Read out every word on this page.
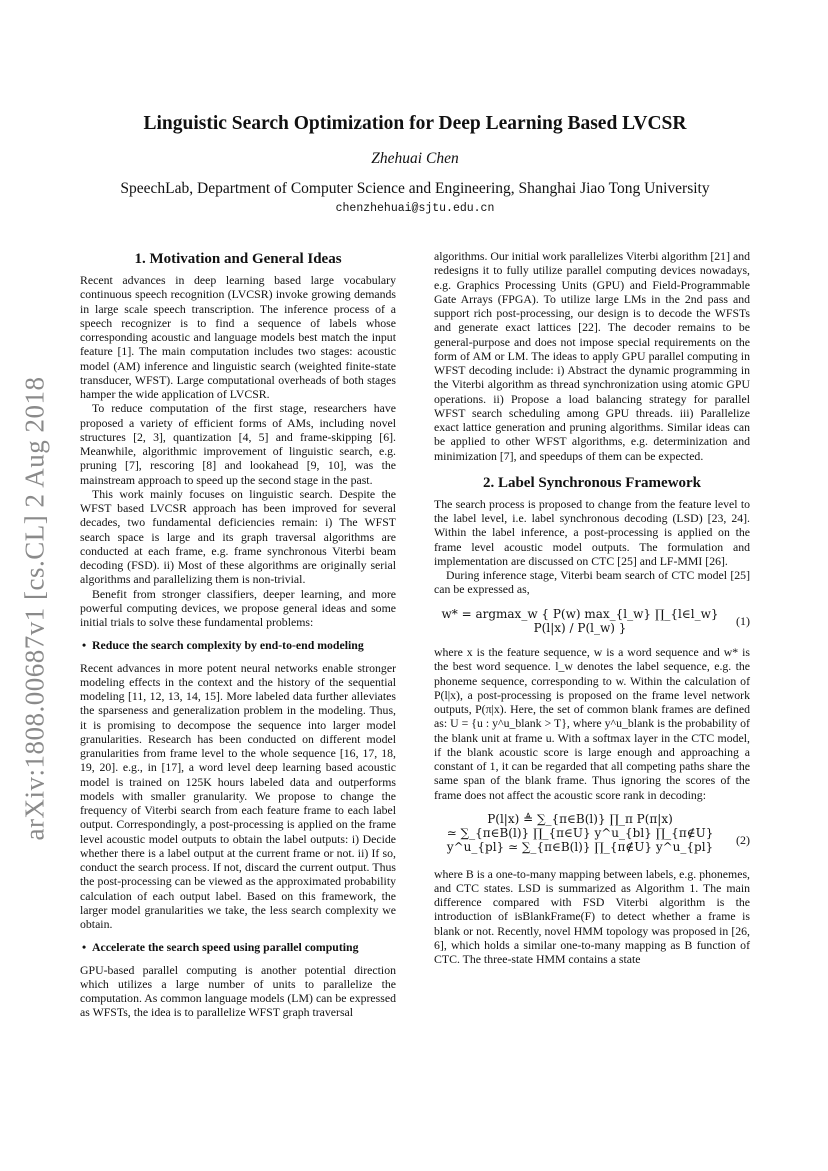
arXiv:1808.00687v1 [cs.CL] 2 Aug 2018
Linguistic Search Optimization for Deep Learning Based LVCSR
Zhehuai Chen
SpeechLab, Department of Computer Science and Engineering, Shanghai Jiao Tong University
chenzhehuai@sjtu.edu.cn
1. Motivation and General Ideas

Recent advances in deep learning based large vocabulary continuous speech recognition (LVCSR) invoke growing demands in large scale speech transcription. The inference process of a speech recognizer is to find a sequence of labels whose corresponding acoustic and language models best match the input feature [1]. The main computation includes two stages: acoustic model (AM) inference and linguistic search (weighted finite-state transducer, WFST). Large computational overheads of both stages hamper the wide application of LVCSR.

To reduce computation of the first stage, researchers have proposed a variety of efficient forms of AMs, including novel structures [2, 3], quantization [4, 5] and frame-skipping [6]. Meanwhile, algorithmic improvement of linguistic search, e.g. pruning [7], rescoring [8] and lookahead [9, 10], was the mainstream approach to speed up the second stage in the past.

This work mainly focuses on linguistic search. Despite the WFST based LVCSR approach has been improved for several decades, two fundamental deficiencies remain: i) The WFST search space is large and its graph traversal algorithms are conducted at each frame, e.g. frame synchronous Viterbi beam decoding (FSD). ii) Most of these algorithms are originally serial algorithms and parallelizing them is non-trivial.

Benefit from stronger classifiers, deeper learning, and more powerful computing devices, we propose general ideas and some initial trials to solve these fundamental problems:

• Reduce the search complexity by end-to-end modeling

Recent advances in more potent neural networks enable stronger modeling effects in the context and the history of the sequential modeling [11, 12, 13, 14, 15]. More labeled data further alleviates the sparseness and generalization problem in the modeling. Thus, it is promising to decompose the sequence into larger model granularities. Research has been conducted on different model granularities from frame level to the whole sequence [16, 17, 18, 19, 20]. e.g., in [17], a word level deep learning based acoustic model is trained on 125K hours labeled data and outperforms models with smaller granularity. We propose to change the frequency of Viterbi search from each feature frame to each label output. Correspondingly, a post-processing is applied on the frame level acoustic model outputs to obtain the label outputs: i) Decide whether there is a label output at the current frame or not. ii) If so, conduct the search process. If not, discard the current output. Thus the post-processing can be viewed as the approximated probability calculation of each output label. Based on this framework, the larger model granularities we take, the less search complexity we obtain.

• Accelerate the search speed using parallel computing

GPU-based parallel computing is another potential direction which utilizes a large number of units to parallelize the computation. As common language models (LM) can be expressed as WFSTs, the idea is to parallelize WFST graph traversal

algorithms. Our initial work parallelizes Viterbi algorithm [21] and redesigns it to fully utilize parallel computing devices nowadays, e.g. Graphics Processing Units (GPU) and Field-Programmable Gate Arrays (FPGA). To utilize large LMs in the 2nd pass and support rich post-processing, our design is to decode the WFSTs and generate exact lattices [22]. The decoder remains to be general-purpose and does not impose special requirements on the form of AM or LM. The ideas to apply GPU parallel computing in WFST decoding include: i) Abstract the dynamic programming in the Viterbi algorithm as thread synchronization using atomic GPU operations. ii) Propose a load balancing strategy for parallel WFST search scheduling among GPU threads. iii) Parallelize exact lattice generation and pruning algorithms. Similar ideas can be applied to other WFST algorithms, e.g. determinization and minimization [7], and speedups of them can be expected.

2. Label Synchronous Framework

The search process is proposed to change from the feature level to the label level, i.e. label synchronous decoding (LSD) [23, 24]. Within the label inference, a post-processing is applied on the frame level acoustic model outputs. The formulation and implementation are discussed on CTC [25] and LF-MMI [26].

During inference stage, Viterbi beam search of CTC model [25] can be expressed as,

w* = argmax_w { P(w) max_{l_w} ∏_{l∈l_w} P(l|x) / P(l_w) }
(1)

where x is the feature sequence, w is a word sequence and w* is the best word sequence. l_w denotes the label sequence, e.g. the phoneme sequence, corresponding to w. Within the calculation of P(l|x), a post-processing is proposed on the frame level network outputs, P(π|x). Here, the set of common blank frames are defined as: U = {u : y^u_blank > T}, where y^u_blank is the probability of the blank unit at frame u. With a softmax layer in the CTC model, if the blank acoustic score is large enough and approaching a constant of 1, it can be regarded that all competing paths share the same span of the blank frame. Thus ignoring the scores of the frame does not affect the acoustic score rank in decoding:

P(l|x) ≜ ∑_{π∈B(l)} ∏_π P(π|x)
≃ ∑_{π∈B(l)} ∏_{π∈U} y^u_{bl} ∏_{π∉U} y^u_{pl} ≃ ∑_{π∈B(l)} ∏_{π∉U} y^u_{pl}
(2)

where B is a one-to-many mapping between labels, e.g. phonemes, and CTC states. LSD is summarized as Algorithm 1. The main difference compared with FSD Viterbi algorithm is the introduction of isBlankFrame(F) to detect whether a frame is blank or not. Recently, novel HMM topology was proposed in [26, 6], which holds a similar one-to-many mapping as B function of CTC. The three-state HMM contains a state
